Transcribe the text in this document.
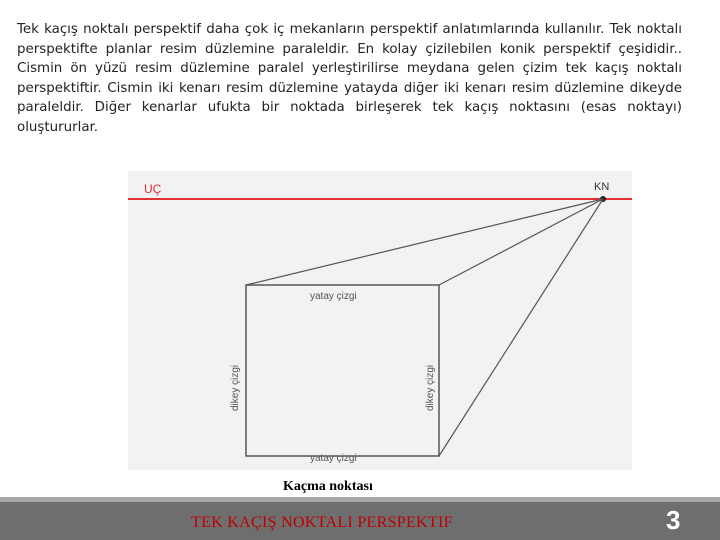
Tek kaçış noktalı perspektif daha çok iç mekanların perspektif anlatımlarında kullanılır. Tek noktalı perspektifte planlar resim düzlemine paraleldir. En kolay çizilebilen konik perspektif çeşididir.. Cismin ön yüzü resim düzlemine paralel yerleştirilirse meydana gelen çizim tek kaçış noktalı perspektiftir. Cismin iki kenarı resim düzlemine yatayda diğer iki kenarı resim düzlemine dikeyde paraleldir. Diğer kenarlar ufukta bir noktada birleşerek tek kaçış noktasını (esas noktayı) oluştururlar.

UÇ	KN
yatay çizgi
yatay çizgi
dikey çizgi	dikey çizgi

Kaçma noktası

TEK KAÇIŞ NOKTALI PERSPEKTIF	3
